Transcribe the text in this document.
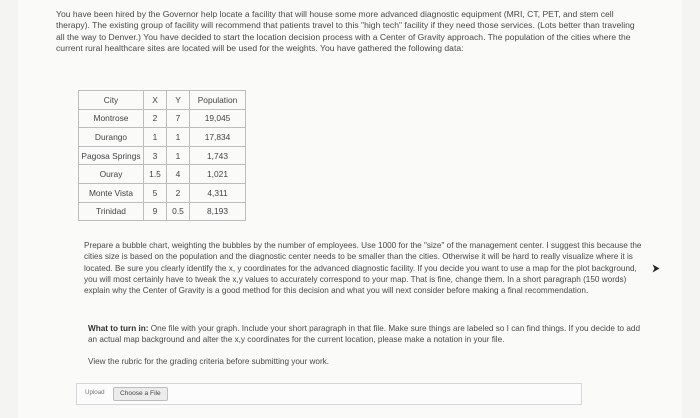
You have been hired by the Governor help locate a facility that will house some more advanced diagnostic equipment (MRI, CT, PET, and stem cell therapy). The existing group of facility will recommend that patients travel to this "high tech" facility if they need those services. (Lots better than traveling all the way to Denver.) You have decided to start the location decision process with a Center of Gravity approach. The population of the cities where the current rural healthcare sites are located will be used for the weights. You have gathered the following data:

City	X	Y	Population
Montrose	2	7	19,045
Durango	1	1	17,834
Pagosa Springs	3	1	1,743
Ouray	1.5	4	1,021
Monte Vista	5	2	4,311
Trinidad	9	0.5	8,193

Prepare a bubble chart, weighting the bubbles by the number of employees. Use 1000 for the "size" of the management center. I suggest this because the cities size is based on the population and the diagnostic center needs to be smaller than the cities. Otherwise it will be hard to really visualize where it is located. Be sure you clearly identify the x, y coordinates for the advanced diagnostic facility. If you decide you want to use a map for the plot background, you will most certainly have to tweak the x,y values to accurately correspond to your map. That is fine, change them. In a short paragraph (150 words) explain why the Center of Gravity is a good method for this decision and what you will next consider before making a final recommendation.

What to turn in: One file with your graph. Include your short paragraph in that file. Make sure things are labeled so I can find things. If you decide to add an actual map background and alter the x,y coordinates for the current location, please make a notation in your file.

View the rubric for the grading criteria before submitting your work.

Upload	Choose a File
